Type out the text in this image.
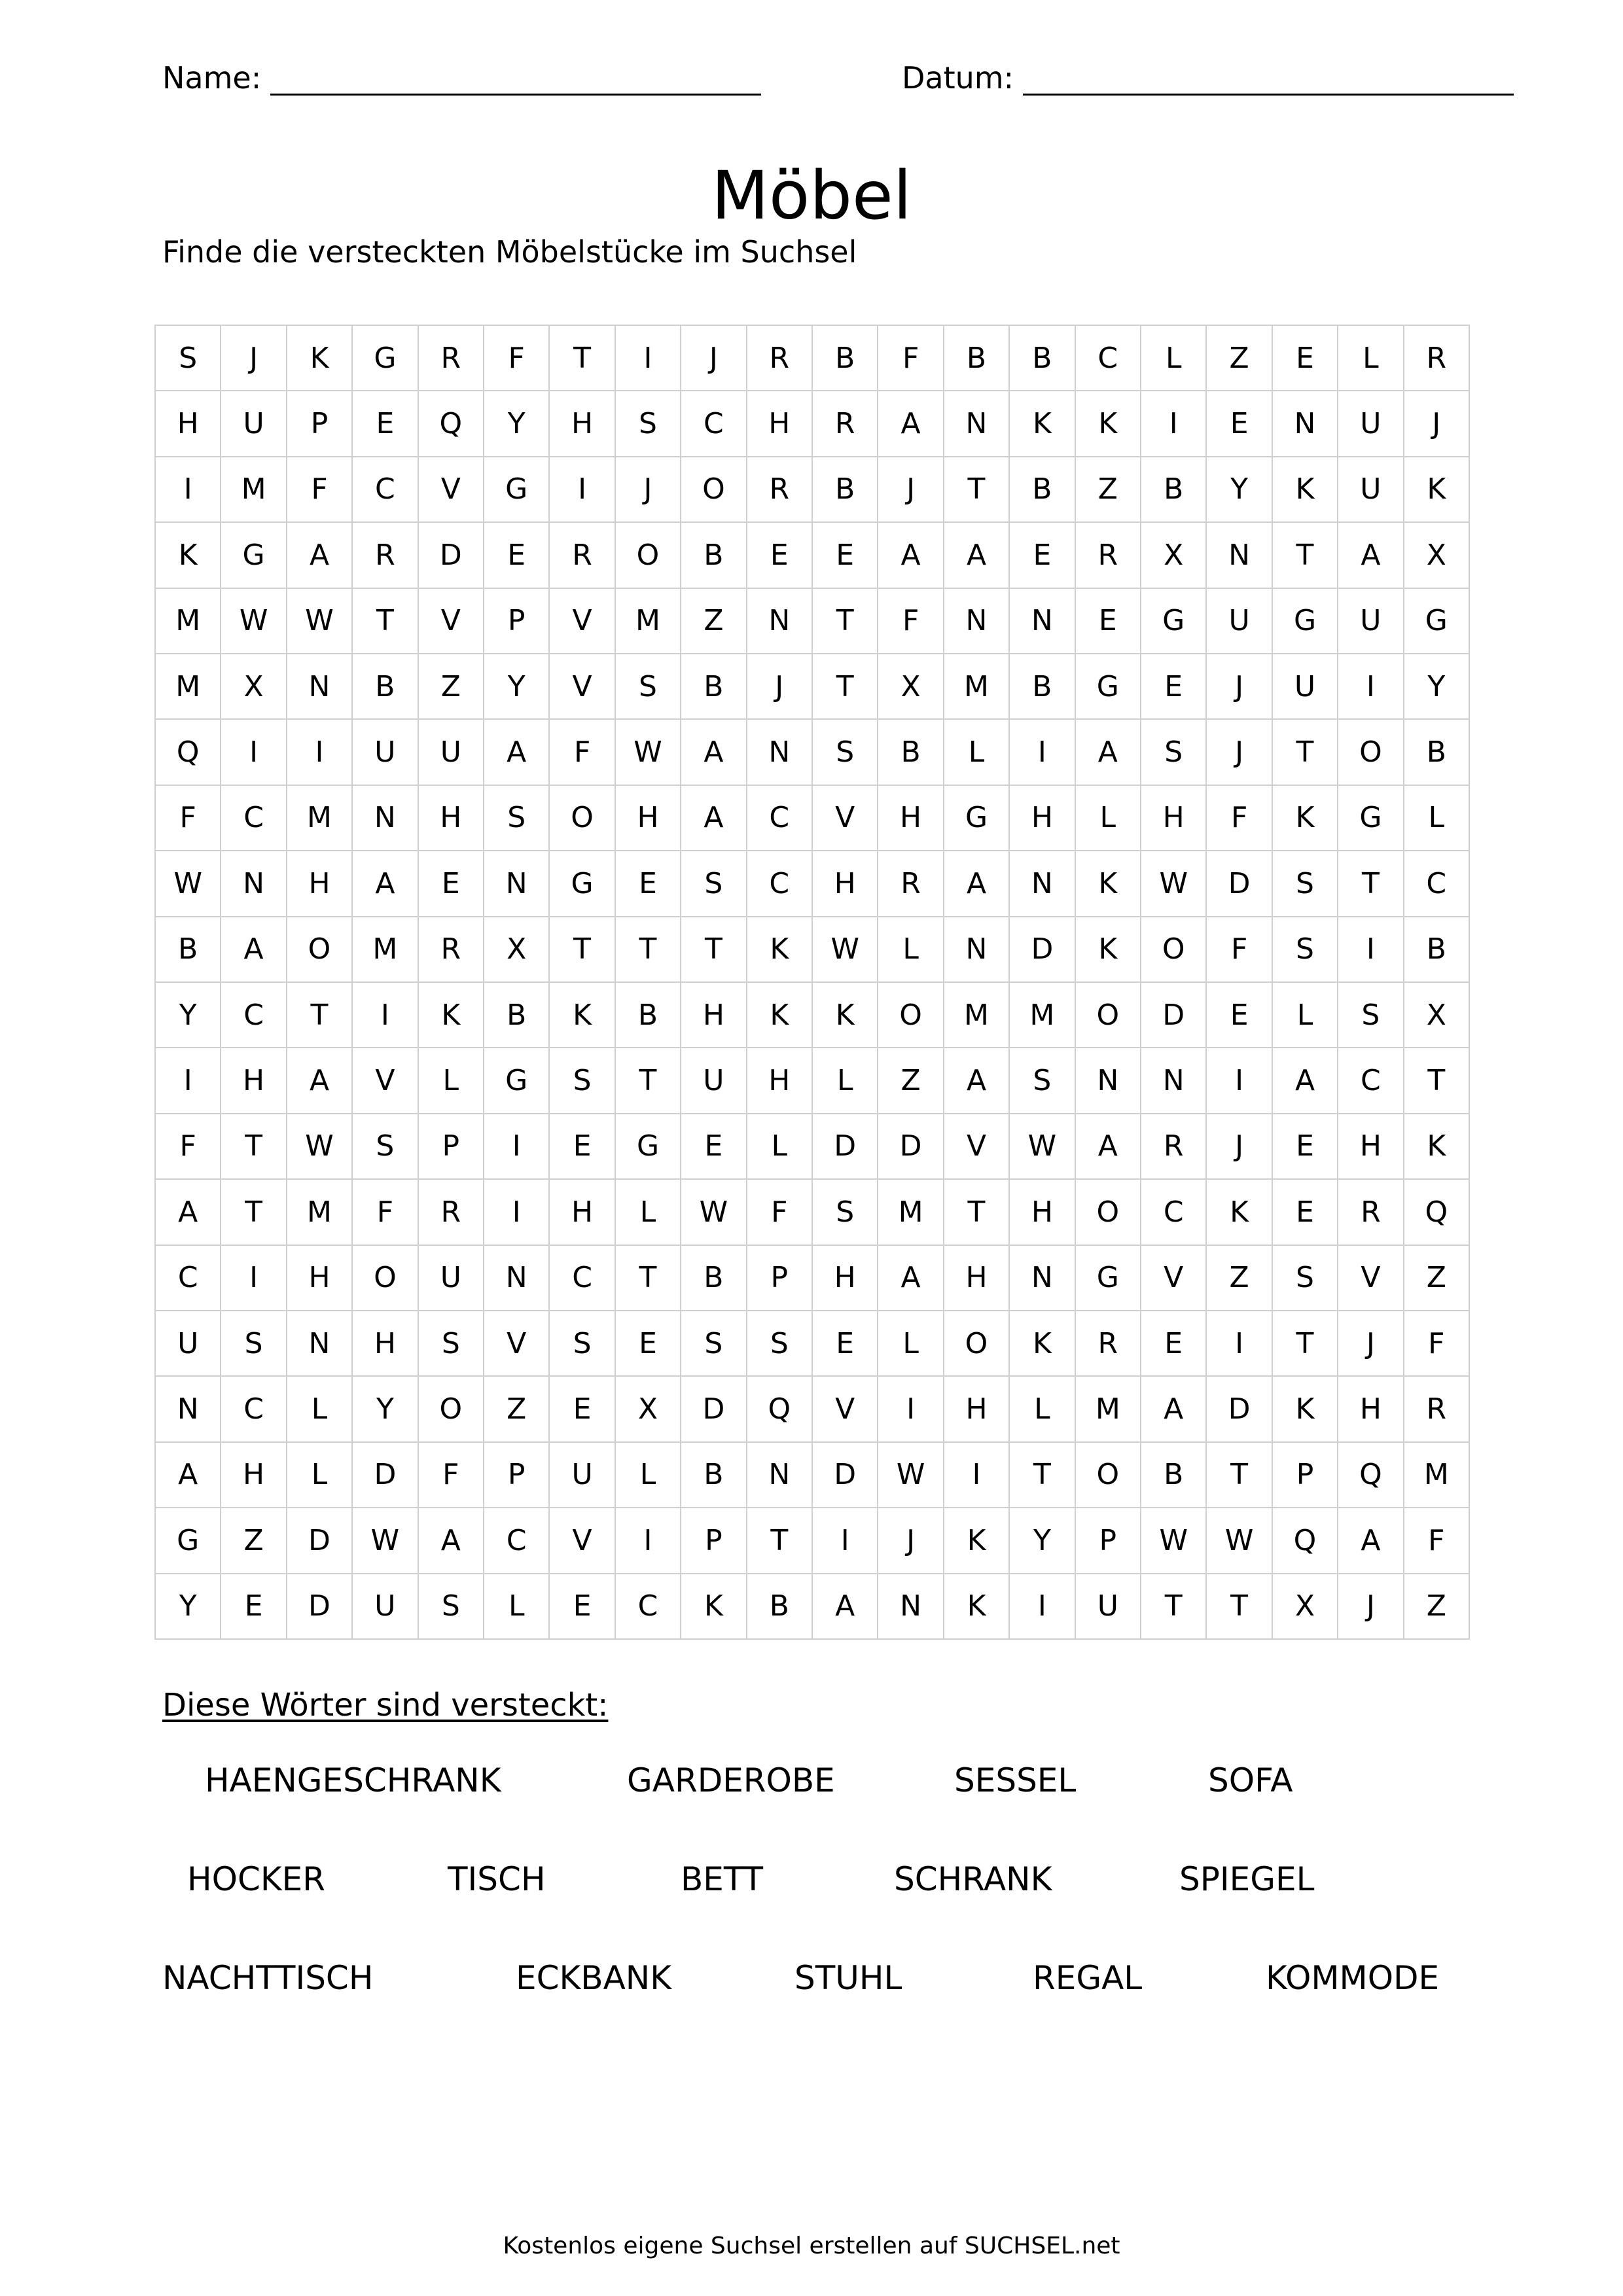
Name:	Datum:
Möbel
Finde die versteckten Möbelstücke im Suchsel
S	J	K	G	R	F	T	I	J	R	B	F	B	B	C	L	Z	E	L	R
H	U	P	E	Q	Y	H	S	C	H	R	A	N	K	K	I	E	N	U	J
I	M	F	C	V	G	I	J	O	R	B	J	T	B	Z	B	Y	K	U	K
K	G	A	R	D	E	R	O	B	E	E	A	A	E	R	X	N	T	A	X
M	W	W	T	V	P	V	M	Z	N	T	F	N	N	E	G	U	G	U	G
M	X	N	B	Z	Y	V	S	B	J	T	X	M	B	G	E	J	U	I	Y
Q	I	I	U	U	A	F	W	A	N	S	B	L	I	A	S	J	T	O	B
F	C	M	N	H	S	O	H	A	C	V	H	G	H	L	H	F	K	G	L
W	N	H	A	E	N	G	E	S	C	H	R	A	N	K	W	D	S	T	C
B	A	O	M	R	X	T	T	T	K	W	L	N	D	K	O	F	S	I	B
Y	C	T	I	K	B	K	B	H	K	K	O	M	M	O	D	E	L	S	X
I	H	A	V	L	G	S	T	U	H	L	Z	A	S	N	N	I	A	C	T
F	T	W	S	P	I	E	G	E	L	D	D	V	W	A	R	J	E	H	K
A	T	M	F	R	I	H	L	W	F	S	M	T	H	O	C	K	E	R	Q
C	I	H	O	U	N	C	T	B	P	H	A	H	N	G	V	Z	S	V	Z
U	S	N	H	S	V	S	E	S	S	E	L	O	K	R	E	I	T	J	F
N	C	L	Y	O	Z	E	X	D	Q	V	I	H	L	M	A	D	K	H	R
A	H	L	D	F	P	U	L	B	N	D	W	I	T	O	B	T	P	Q	M
G	Z	D	W	A	C	V	I	P	T	I	J	K	Y	P	W	W	Q	A	F
Y	E	D	U	S	L	E	C	K	B	A	N	K	I	U	T	T	X	J	Z
Diese Wörter sind versteckt:
HAENGESCHRANK	GARDEROBE	SESSEL	SOFA
HOCKER	TISCH	BETT	SCHRANK	SPIEGEL
NACHTTISCH	ECKBANK	STUHL	REGAL	KOMMODE
Kostenlos eigene Suchsel erstellen auf SUCHSEL.net
